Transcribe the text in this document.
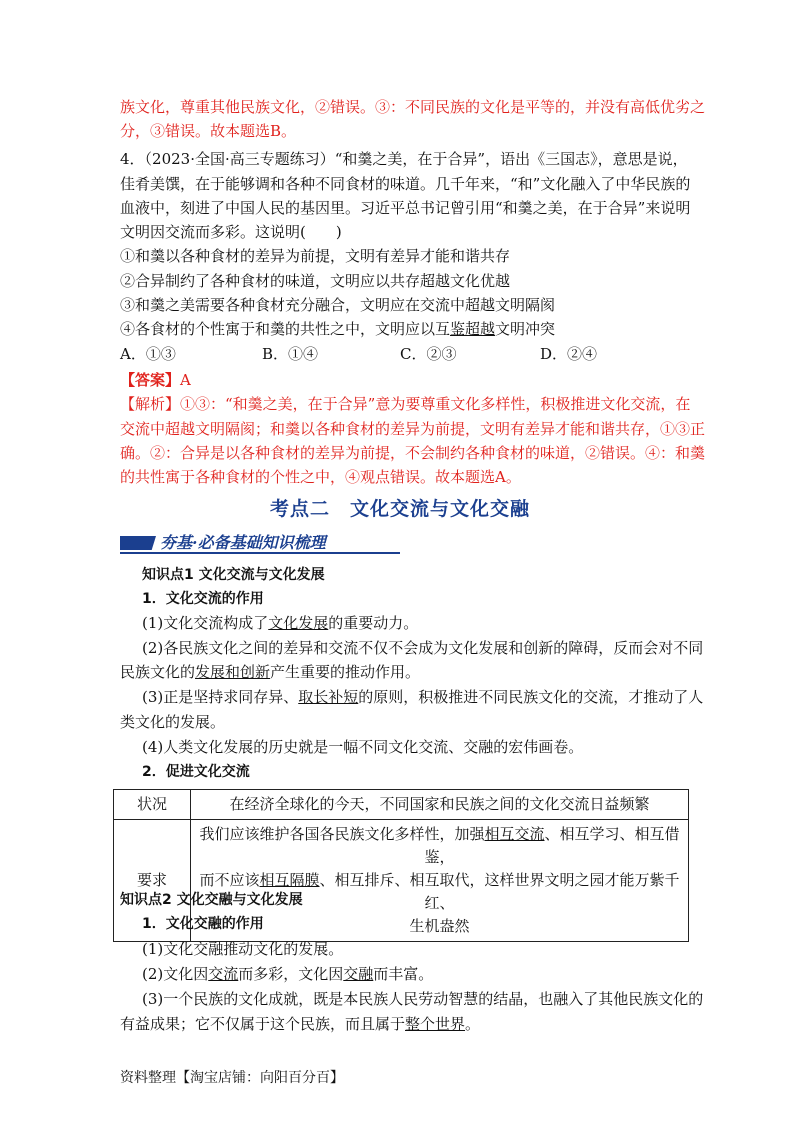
族文化，尊重其他民族文化，②错误。③：不同民族的文化是平等的，并没有高低优劣之
分，③错误。故本题选B。
4．（2023·全国·高三专题练习）“和羹之美，在于合异”，语出《三国志》，意思是说，
佳肴美馔，在于能够调和各种不同食材的味道。几千年来，“和”文化融入了中华民族的
血液中，刻进了中国人民的基因里。习近平总书记曾引用“和羹之美，在于合异”来说明
文明因交流而多彩。这说明(　　)
①和羹以各种食材的差异为前提，文明有差异才能和谐共存
②合异制约了各种食材的味道，文明应以共存超越文化优越
③和羹之美需要各种食材充分融合，文明应在交流中超越文明隔阂
④各食材的个性寓于和羹的共性之中，文明应以互鉴超越文明冲突
A．①③	B．①④	C．②③	D．②④
【答案】A
【解析】①③：“和羹之美，在于合异”意为要尊重文化多样性，积极推进文化交流，在
交流中超越文明隔阂；和羹以各种食材的差异为前提，文明有差异才能和谐共存，①③正
确。②：合异是以各种食材的差异为前提，不会制约各种食材的味道，②错误。④：和羹
的共性寓于各种食材的个性之中，④观点错误。故本题选A。
考点二　文化交流与文化交融
夯基·必备基础知识梳理
知识点1 文化交流与文化发展
1．文化交流的作用
(1)文化交流构成了文化发展的重要动力。
(2)各民族文化之间的差异和交流不仅不会成为文化发展和创新的障碍，反而会对不同
民族文化的发展和创新产生重要的推动作用。
(3)正是坚持求同存异、取长补短的原则，积极推进不同民族文化的交流，才推动了人
类文化的发展。
(4)人类文化发展的历史就是一幅不同文化交流、交融的宏伟画卷。
2．促进文化交流
状况	在经济全球化的今天，不同国家和民族之间的文化交流日益频繁
要求	我们应该维护各国各民族文化多样性，加强相互交流、相互学习、相互借鉴，
而不应该相互隔膜、相互排斥、相互取代，这样世界文明之园才能万紫千红、
生机盎然
知识点2 文化交融与文化发展
1．文化交融的作用
(1)文化交融推动文化的发展。
(2)文化因交流而多彩，文化因交融而丰富。
(3)一个民族的文化成就，既是本民族人民劳动智慧的结晶，也融入了其他民族文化的
有益成果；它不仅属于这个民族，而且属于整个世界。
资料整理【淘宝店铺：向阳百分百】
